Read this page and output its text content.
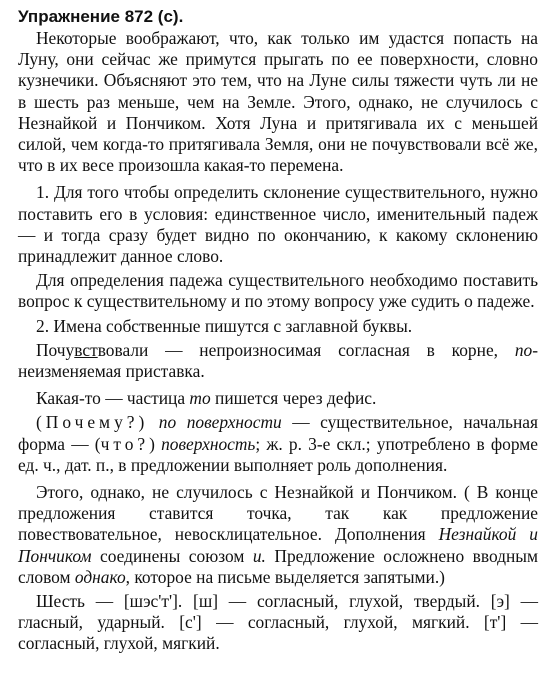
Упражнение 872 (с).

Некоторые воображают, что, как только им удастся попасть на Луну, они сейчас же примутся прыгать по ее поверхности, словно кузнечики. Объясняют это тем, что на Луне силы тяжести чуть ли не в шесть раз меньше, чем на Земле. Этого, однако, не случилось с Незнайкой и Пончиком. Хотя Луна и притягивала их с меньшей силой, чем когда-то притягивала Земля, они не почувствовали всё же, что в их весе произошла какая-то перемена.

1. Для того чтобы определить склонение существительного, нужно поставить его в условия: единственное число, именительный падеж — и тогда сразу будет видно по окончанию, к какому склонению принадлежит данное слово.

Для определения падежа существительного необходимо поставить вопрос к существительному и по этому вопросу уже судить о падеже.

2. Имена собственные пишутся с заглавной буквы.

Почувствовали — непроизносимая согласная в корне, по- неизменяемая приставка.

Какая-то — частица то пишется через дефис.

(Почему?) по поверхности — существительное, начальная форма — (что?) поверхность; ж. р. 3-е скл.; употреблено в форме ед. ч., дат. п., в предложении выполняет роль дополнения.

Этого, однако, не случилось с Незнайкой и Пончиком. ( В конце предложения ставится точка, так как предложение повествовательное, невосклицательное. Дополнения Незнайкой и Пончиком соединены союзом и. Предложение осложнено вводным словом однако, которое на письме выделяется запятыми.)

Шесть — [шэс'т']. [ш] — согласный, глухой, твердый. [э] — гласный, ударный. [с'] — согласный, глухой, мягкий. [т'] — согласный, глухой, мягкий.
